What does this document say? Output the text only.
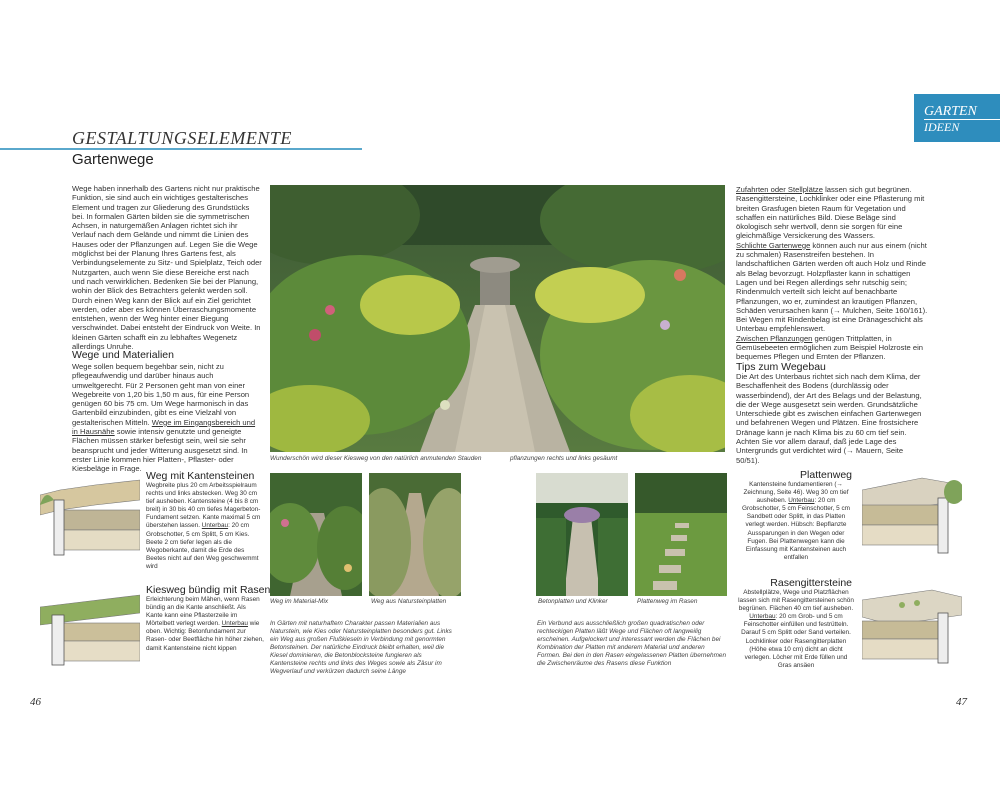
GESTALTUNGSELEMENTE
Gartenwege
GARTEN
IDEEN
Wege haben innerhalb des Gartens nicht nur praktische Funktion, sie sind auch ein wichtiges gestalterisches Element und tragen zur Gliederung des Grundstücks bei. In formalen Gärten bilden sie die symmetrischen Achsen, in naturgemäßen Anlagen richtet sich ihr Verlauf nach dem Gelände und nimmt die Linien des Hauses oder der Pflanzungen auf. Legen Sie die Wege möglichst bei der Planung Ihres Gartens fest, als Verbindungselemente zu Sitz- und Spielplatz, Teich oder Nutzgarten, auch wenn Sie diese Bereiche erst nach und nach verwirklichen. Bedenken Sie bei der Planung, wohin der Blick des Betrachters gelenkt werden soll. Durch einen Weg kann der Blick auf ein Ziel gerichtet werden, oder aber es können Überraschungsmomente entstehen, wenn der Weg hinter einer Biegung verschwindet. Dabei entsteht der Eindruck von Weite. In kleinen Gärten schafft ein zu lebhaftes Wegenetz allerdings Unruhe.
Wege und Materialien
Wege sollen bequem begehbar sein, nicht zu pflegeaufwendig und darüber hinaus auch umweltgerecht. Für 2 Personen geht man von einer Wegebreite von 1,20 bis 1,50 m aus, für eine Person genügen 60 bis 75 cm. Um Wege harmonisch in das Gartenbild einzubinden, gibt es eine Vielzahl von gestalterischen Mitteln. Wege im Eingangsbereich und in Hausnähe sowie intensiv genutzte und geneigte Flächen müssen stärker befestigt sein, weil sie sehr beansprucht und jeder Witterung ausgesetzt sind. In erster Linie kommen hier Platten-, Pflaster- oder Kiesbeläge in Frage.
Wunderschön wird dieser Kiesweg von den natürlich anmutenden Stauden	pflanzungen rechts und links gesäumt
Zufahrten oder Stellplätze lassen sich gut begrünen. Rasengittersteine, Lochklinker oder eine Pflasterung mit breiten Grasfugen bieten Raum für Vegetation und schaffen ein natürliches Bild. Diese Beläge sind ökologisch sehr wertvoll, denn sie sorgen für eine gleichmäßige Versickerung des Wassers.
Schlichte Gartenwege können auch nur aus einem (nicht zu schmalen) Rasenstreifen bestehen. In landschaftlichen Gärten werden oft auch Holz und Rinde als Belag bevorzugt. Holzpflaster kann in schattigen Lagen und bei Regen allerdings sehr rutschig sein; Rindenmulch verteilt sich leicht auf benachbarte Pflanzungen, wo er, zumindest an krautigen Pflanzen, Schäden verursachen kann (→ Mulchen, Seite 160/161). Bei Wegen mit Rindenbelag ist eine Dränageschicht als Unterbau empfehlenswert.
Zwischen Pflanzungen genügen Trittplatten, in Gemüsebeeten ermöglichen zum Beispiel Holzroste ein bequemes Pflegen und Ernten der Pflanzen.
Tips zum Wegebau
Die Art des Unterbaus richtet sich nach dem Klima, der Beschaffenheit des Bodens (durchlässig oder wasserbindend), der Art des Belags und der Belastung, die der Wege ausgesetzt sein werden. Grundsätzliche Unterschiede gibt es zwischen einfachen Gartenwegen und befahrenen Wegen und Plätzen. Eine frostsichere Dränage kann je nach Klima bis zu 60 cm tief sein. Achten Sie vor allem darauf, daß jede Lage des Untergrunds gut verdichtet wird (→ Mauern, Seite 50/51).
Weg mit Kantensteinen
Wegbreite plus 20 cm Arbeitsspielraum rechts und links abstecken. Weg 30 cm tief ausheben. Kantensteine (4 bis 8 cm breit) in 30 bis 40 cm tiefes Magerbeton-Fundament setzen. Kante maximal 5 cm überstehen lassen. Unterbau: 20 cm Grobschotter, 5 cm Splitt, 5 cm Kies. Beete 2 cm tiefer legen als die Wegoberkante, damit die Erde des Beetes nicht auf den Weg geschwemmt wird
Kiesweg bündig mit Rasen
Erleichterung beim Mähen, wenn Rasen bündig an die Kante anschließt. Als Kante kann eine Pflasterzeile im Mörtelbett verlegt werden. Unterbau wie oben. Wichtig: Betonfundament zur Rasen- oder Beetfläche hin höher ziehen, damit Kantensteine nicht kippen
Weg im Material-Mix	Weg aus Natursteinplatten	Betonplatten und Klinker	Plattenweg im Rasen
In Gärten mit naturhaftem Charakter passen Materialien aus Naturstein, wie Kies oder Natursteinplatten besonders gut. Links ein Weg aus großen Flußkieseln in Verbindung mit genormten Betonsteinen. Der natürliche Eindruck bleibt erhalten, weil die Kiesel dominieren, die Betonblocksteine fungieren als Kantensteine rechts und links des Weges sowie als Zäsur im Wegverlauf und verkürzen dadurch seine Länge
Ein Verbund aus ausschließlich großen quadratischen oder rechteckigen Platten läßt Wege und Flächen oft langweilig erscheinen. Aufgelockert und interessant werden die Flächen bei Kombination der Platten mit anderem Material und anderen Formen. Bei den in den Rasen eingelassenen Platten übernehmen die Zwischenräume des Rasens diese Funktion
Plattenweg
Kantensteine fundamentieren (→ Zeichnung, Seite 46). Weg 30 cm tief ausheben. Unterbau: 20 cm Grobschotter, 5 cm Feinschotter, 5 cm Sandbett oder Splitt, in das Platten verlegt werden. Hübsch: Bepflanzte Aussparungen in den Wegen oder Fugen. Bei Plattenwegen kann die Einfassung mit Kantensteinen auch entfallen
Rasengittersteine
Abstellplätze, Wege und Platzflächen lassen sich mit Rasengittersteinen schön begrünen. Flächen 40 cm tief ausheben. Unterbau: 20 cm Grob- und 5 cm Feinschotter einfüllen und festrütteln. Darauf 5 cm Splitt oder Sand verteilen. Lochklinker oder Rasengitterplatten (Höhe etwa 10 cm) dicht an dicht verlegen. Löcher mit Erde füllen und Gras ansäen
46	47
